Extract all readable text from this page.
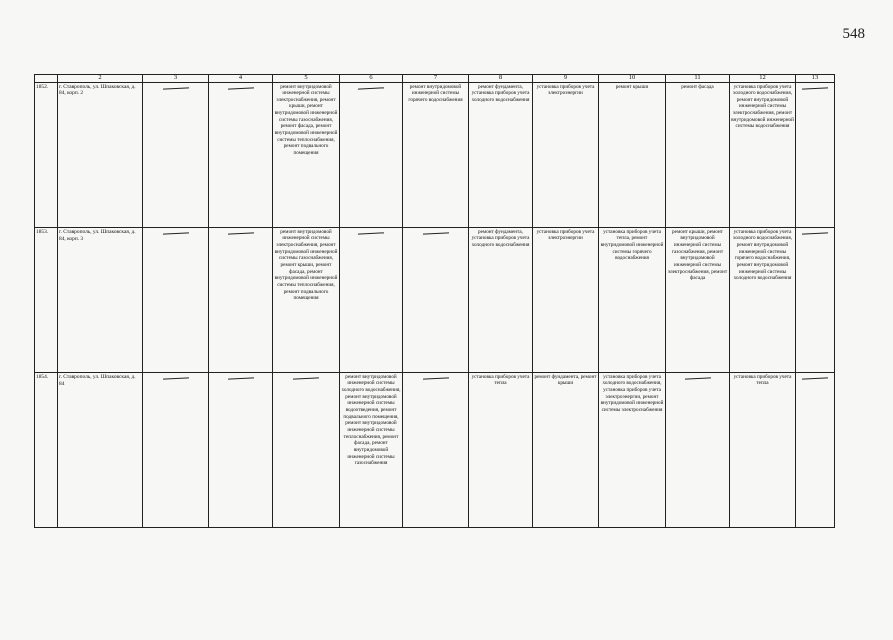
548
	2	3	4	5	6	7	8	9	10	11	12	13
1852.	г. Ставрополь, ул. Шпаковская, д. 84, корп. 2			ремонт внутридомовой инженерной системы электроснабжения, ремонт крыши, ремонт внутридомовой инженерной системы газоснабжения, ремонт фасада, ремонт внутридомовой инженерной системы теплоснабжения, ремонт подвального помещения		ремонт внутридомовой инженерной системы горячего водоснабжения	ремонт фундамента, установка приборов учета холодного водоснабжения	установка приборов учета электроэнергии	ремонт крыши	ремонт фасада	установка приборов учета холодного водоснабжения, ремонт внутридомовой инженерной системы электроснабжения, ремонт внутридомовой инженерной системы водоснабжения	
1853.	г. Ставрополь, ул. Шпаковская, д. 84, корп. 3			ремонт внутридомовой инженерной системы электроснабжения, ремонт внутридомовой инженерной системы газоснабжения, ремонт крыши, ремонт фасада, ремонт внутридомовой инженерной системы теплоснабжения, ремонт подвального помещения			ремонт фундамента, установка приборов учета холодного водоснабжения	установка приборов учета электроэнергии	установка приборов учета тепла, ремонт внутридомовой инженерной системы горячего водоснабжения	ремонт крыши, ремонт внутридомовой инженерной системы газоснабжения, ремонт внутридомовой инженерной системы электроснабжения, ремонт фасада	установка приборов учета холодного водоснабжения, ремонт внутридомовой инженерной системы горячего водоснабжения, ремонт внутридомовой инженерной системы холодного водоснабжения	
1854.	г. Ставрополь, ул. Шпаковская, д. 84				ремонт внутридомовой инженерной системы холодного водоснабжения, ремонт внутридомовой инженерной системы водоотведения, ремонт подвального помещения, ремонт внутридомовой инженерной системы теплоснабжения, ремонт фасада, ремонт внутридомовой инженерной системы газоснабжения		установка приборов учета тепла	ремонт фундамента, ремонт крыши	установка приборов учета холодного водоснабжения, установка приборов учета электроэнергии, ремонт внутридомовой инженерной системы электроснабжения		установка приборов учета тепла	
